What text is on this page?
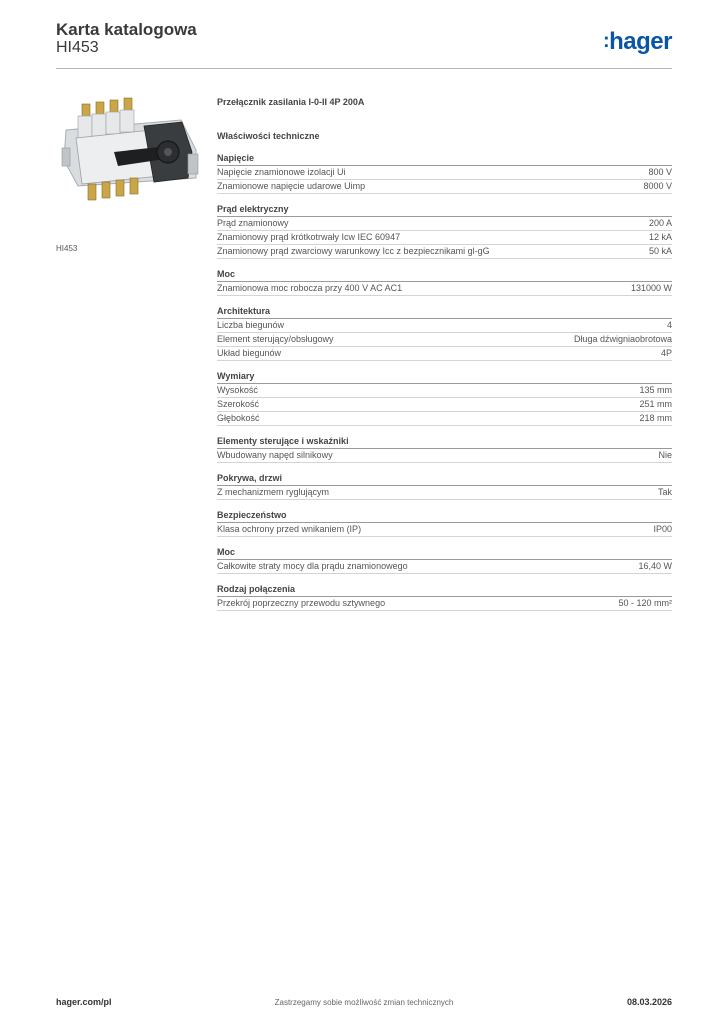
Karta katalogowa
HI453	:hager
HI453
Przełącznik zasilania I-0-II 4P 200A
Właściwości techniczne
Napięcie
Napięcie znamionowe izolacji Ui	800 V
Znamionowe napięcie udarowe Uimp	8000 V
Prąd elektryczny
Prąd znamionowy	200 A
Znamionowy prąd krótkotrwały Icw IEC 60947	12 kA
Znamionowy prąd zwarciowy warunkowy Icc z bezpiecznikami gl-gG	50 kA
Moc
Znamionowa moc robocza przy 400 V AC AC1	131000 W
Architektura
Liczba biegunów	4
Element sterujący/obsługowy	Długa dźwigniaobrotowa
Układ biegunów	4P
Wymiary
Wysokość	135 mm
Szerokość	251 mm
Głębokość	218 mm
Elementy sterujące i wskaźniki
Wbudowany napęd silnikowy	Nie
Pokrywa, drzwi
Z mechanizmem ryglującym	Tak
Bezpieczeństwo
Klasa ochrony przed wnikaniem (IP)	IP00
Moc
Całkowite straty mocy dla prądu znamionowego	16,40 W
Rodzaj połączenia
Przekrój poprzeczny przewodu sztywnego	50 - 120 mm²
hager.com/pl	Zastrzegamy sobie możliwość zmian technicznych	08.03.2026
